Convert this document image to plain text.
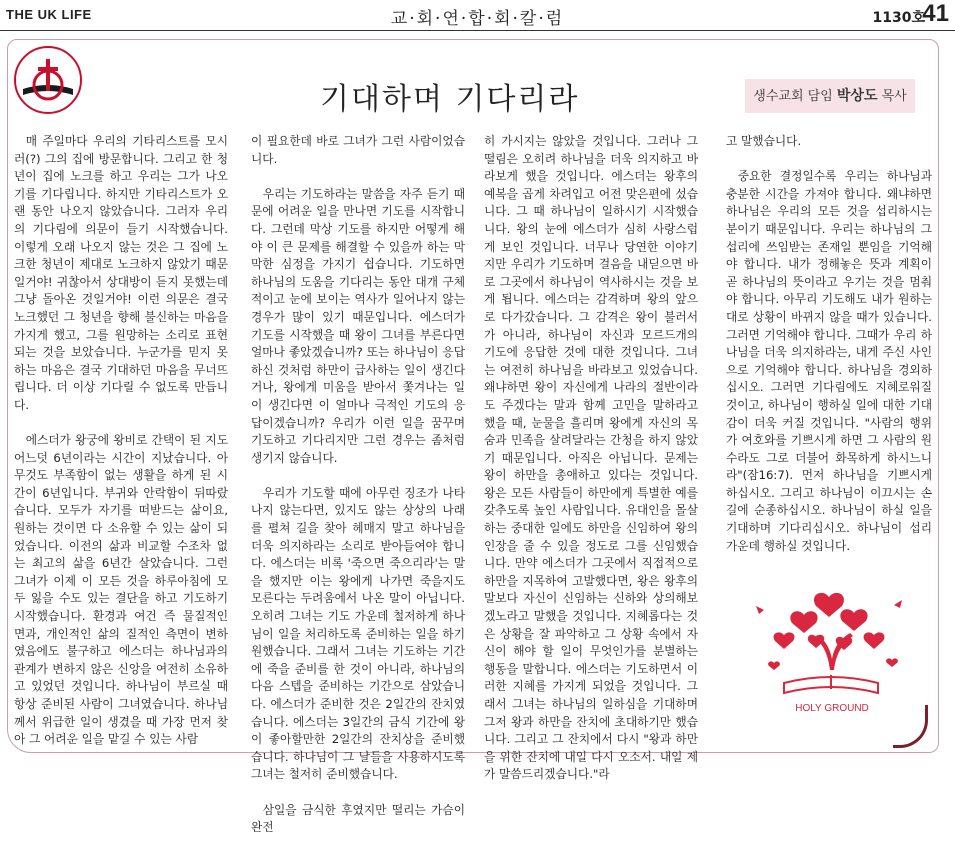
THE UK LIFE	교·회·연·합·회·칼·럼	1130호
41
기대하며 기다리라	생수교회 담임 박상도 목사

매 주일마다 우리의 기타리스트를 모시러(?) 그의 집에 방문합니다. 그리고 한 청년이 집에 노크를 하고 우리는 그가 나오기를 기다립니다. 하지만 기타리스트가 오랜 동안 나오지 않았습니다. 그러자 우리의 기다림에 의문이 들기 시작했습니다. 이렇게 오래 나오지 않는 것은 그 집에 노크한 청년이 제대로 노크하지 않았기 때문일거야! 귀찮아서 상대방이 듣지 못했는데 그냥 돌아온 것일거야! 이런 의문은 결국 노크했던 그 청년을 향해 불신하는 마음을 가지게 했고, 그를 원망하는 소리로 표현되는 것을 보았습니다. 누군가를 믿지 못하는 마음은 결국 기대하던 마음을 무너뜨립니다. 더 이상 기다릴 수 없도록 만듭니다.

에스더가 왕궁에 왕비로 간택이 된 지도 어느덧 6년이라는 시간이 지났습니다. 아무것도 부족함이 없는 생활을 하게 된 시간이 6년입니다. 부귀와 안락함이 뒤따랐습니다. 모두가 자기를 떠받드는 삶이요, 원하는 것이면 다 소유할 수 있는 삶이 되었습니다. 이전의 삶과 비교할 수조차 없는 최고의 삶을 6년간 살았습니다. 그런 그녀가 이제 이 모든 것을 하루아침에 모두 잃을 수도 있는 결단을 하고 기도하기 시작했습니다. 환경과 여건 즉 물질적인 면과, 개인적인 삶의 질적인 측면이 변하였음에도 불구하고 에스더는 하나님과의 관계가 변하지 않은 신앙을 여전히 소유하고 있었던 것입니다. 하나님이 부르실 때 항상 준비된 사람이 그녀였습니다. 하나님께서 위급한 일이 생겼을 때 가장 먼저 찾아 그 어려운 일을 맡길 수 있는 사람

이 필요한데 바로 그녀가 그런 사람이었습니다.

우리는 기도하라는 말씀을 자주 듣기 때문에 어려운 일을 만나면 기도를 시작합니다. 그런데 막상 기도를 하지만 어떻게 해야 이 큰 문제를 해결할 수 있을까 하는 막막한 심정을 가지기 쉽습니다. 기도하면 하나님의 도움을 기다리는 동안 대개 구체적이고 눈에 보이는 역사가 일어나지 않는 경우가 많이 있기 때문입니다. 에스더가 기도를 시작했을 때 왕이 그녀를 부른다면 얼마나 좋았겠습니까? 또는 하나님이 응답하신 것처럼 하만이 급사하는 일이 생긴다거나, 왕에게 미움을 받아서 쫓겨나는 일이 생긴다면 이 얼마나 극적인 기도의 응답이겠습니까? 우리가 이런 일을 꿈꾸며 기도하고 기다리지만 그런 경우는 좀처럼 생기지 않습니다.

우리가 기도할 때에 아무런 징조가 나타나지 않는다면, 있지도 않는 상상의 나래를 펼쳐 길을 찾아 헤매지 말고 하나님을 더욱 의지하라는 소리로 받아들여야 합니다. 에스더는 비록 '죽으면 죽으리라'는 말을 했지만 이는 왕에게 나가면 죽을지도 모른다는 두려움에서 나온 말이 아닙니다. 오히려 그녀는 기도 가운데 철저하게 하나님이 일을 처리하도록 준비하는 일을 하기 원했습니다. 그래서 그녀는 기도하는 기간에 죽을 준비를 한 것이 아니라, 하나님의 다음 스텝을 준비하는 기간으로 삼았습니다. 에스더가 준비한 것은 2일간의 잔치였습니다. 에스더는 3일간의 금식 기간에 왕이 좋아할만한 2일간의 잔치상을 준비했습니다. 하나님이 그 날들을 사용하시도록 그녀는 철저히 준비했습니다.

삼일을 금식한 후였지만 떨리는 가슴이 완전

히 가시지는 않았을 것입니다. 그러나 그 떨림은 오히려 하나님을 더욱 의지하고 바라보게 했을 것입니다. 에스더는 왕후의 예복을 곱게 차려입고 어전 맞은편에 섰습니다. 그 때 하나님이 일하시기 시작했습니다. 왕의 눈에 에스더가 심히 사랑스럽게 보인 것입니다. 너무나 당연한 이야기지만 우리가 기도하며 걸음을 내딛으면 바로 그곳에서 하나님이 역사하시는 것을 보게 됩니다. 에스더는 감격하며 왕의 앞으로 다가갔습니다. 그 감격은 왕이 불러서가 아니라, 하나님이 자신과 모르드개의 기도에 응답한 것에 대한 것입니다. 그녀는 여전히 하나님을 바라보고 있었습니다. 왜냐하면 왕이 자신에게 나라의 절반이라도 주겠다는 말과 함께 고민을 말하라고 했을 때, 눈물을 흘리며 왕에게 자신의 목숨과 민족을 살려달라는 간청을 하지 않았기 때문입니다. 아직은 아닙니다. 문제는 왕이 하만을 총애하고 있다는 것입니다. 왕은 모든 사람들이 하만에게 특별한 예를 갖추도록 높인 사람입니다. 유대인을 몰살하는 중대한 일에도 하만을 신임하여 왕의 인장을 줄 수 있을 정도로 그를 신임했습니다. 만약 에스더가 그곳에서 직접적으로 하만을 지목하여 고발했다면, 왕은 왕후의 말보다 자신이 신임하는 신하와 상의해보겠노라고 말했을 것입니다. 지혜롭다는 것은 상황을 잘 파악하고 그 상황 속에서 자신이 해야 할 일이 무엇인가를 분별하는 행동을 말합니다. 에스더는 기도하면서 이러한 지혜를 가지게 되었을 것입니다. 그래서 그녀는 하나님의 일하심을 기대하며 그저 왕과 하만을 잔치에 초대하기만 했습니다. 그리고 그 잔치에서 다시 "왕과 하만을 위한 잔치에 내일 다시 오소서. 내일 제가 말씀드리겠습니다."라

고 말했습니다.

중요한 결정일수록 우리는 하나님과 충분한 시간을 가져야 합니다. 왜냐하면 하나님은 우리의 모든 것을 섭리하시는 분이기 때문입니다. 우리는 하나님의 그 섭리에 쓰임받는 존재일 뿐임을 기억해야 합니다. 내가 정해놓은 뜻과 계획이 곧 하나님의 뜻이라고 우기는 것을 멈춰야 합니다. 아무리 기도해도 내가 원하는 대로 상황이 바뀌지 않을 때가 있습니다. 그러면 기억해야 합니다. 그때가 우리 하나님을 더욱 의지하라는, 내게 주신 사인으로 기억해야 합니다. 하나님을 경외하십시오. 그러면 기다림에도 지혜로워질 것이고, 하나님이 행하실 일에 대한 기대감이 더욱 커질 것입니다. "사람의 행위가 여호와를 기쁘시게 하면 그 사람의 원수라도 그로 더불어 화목하게 하시느니라"(잠16:7). 먼저 하나님을 기쁘시게 하십시오. 그리고 하나님이 이끄시는 손길에 순종하십시오. 하나님이 하실 일을 기대하며 기다리십시오. 하나님이 섭리가운데 행하실 것입니다.

HOLY GROUND
